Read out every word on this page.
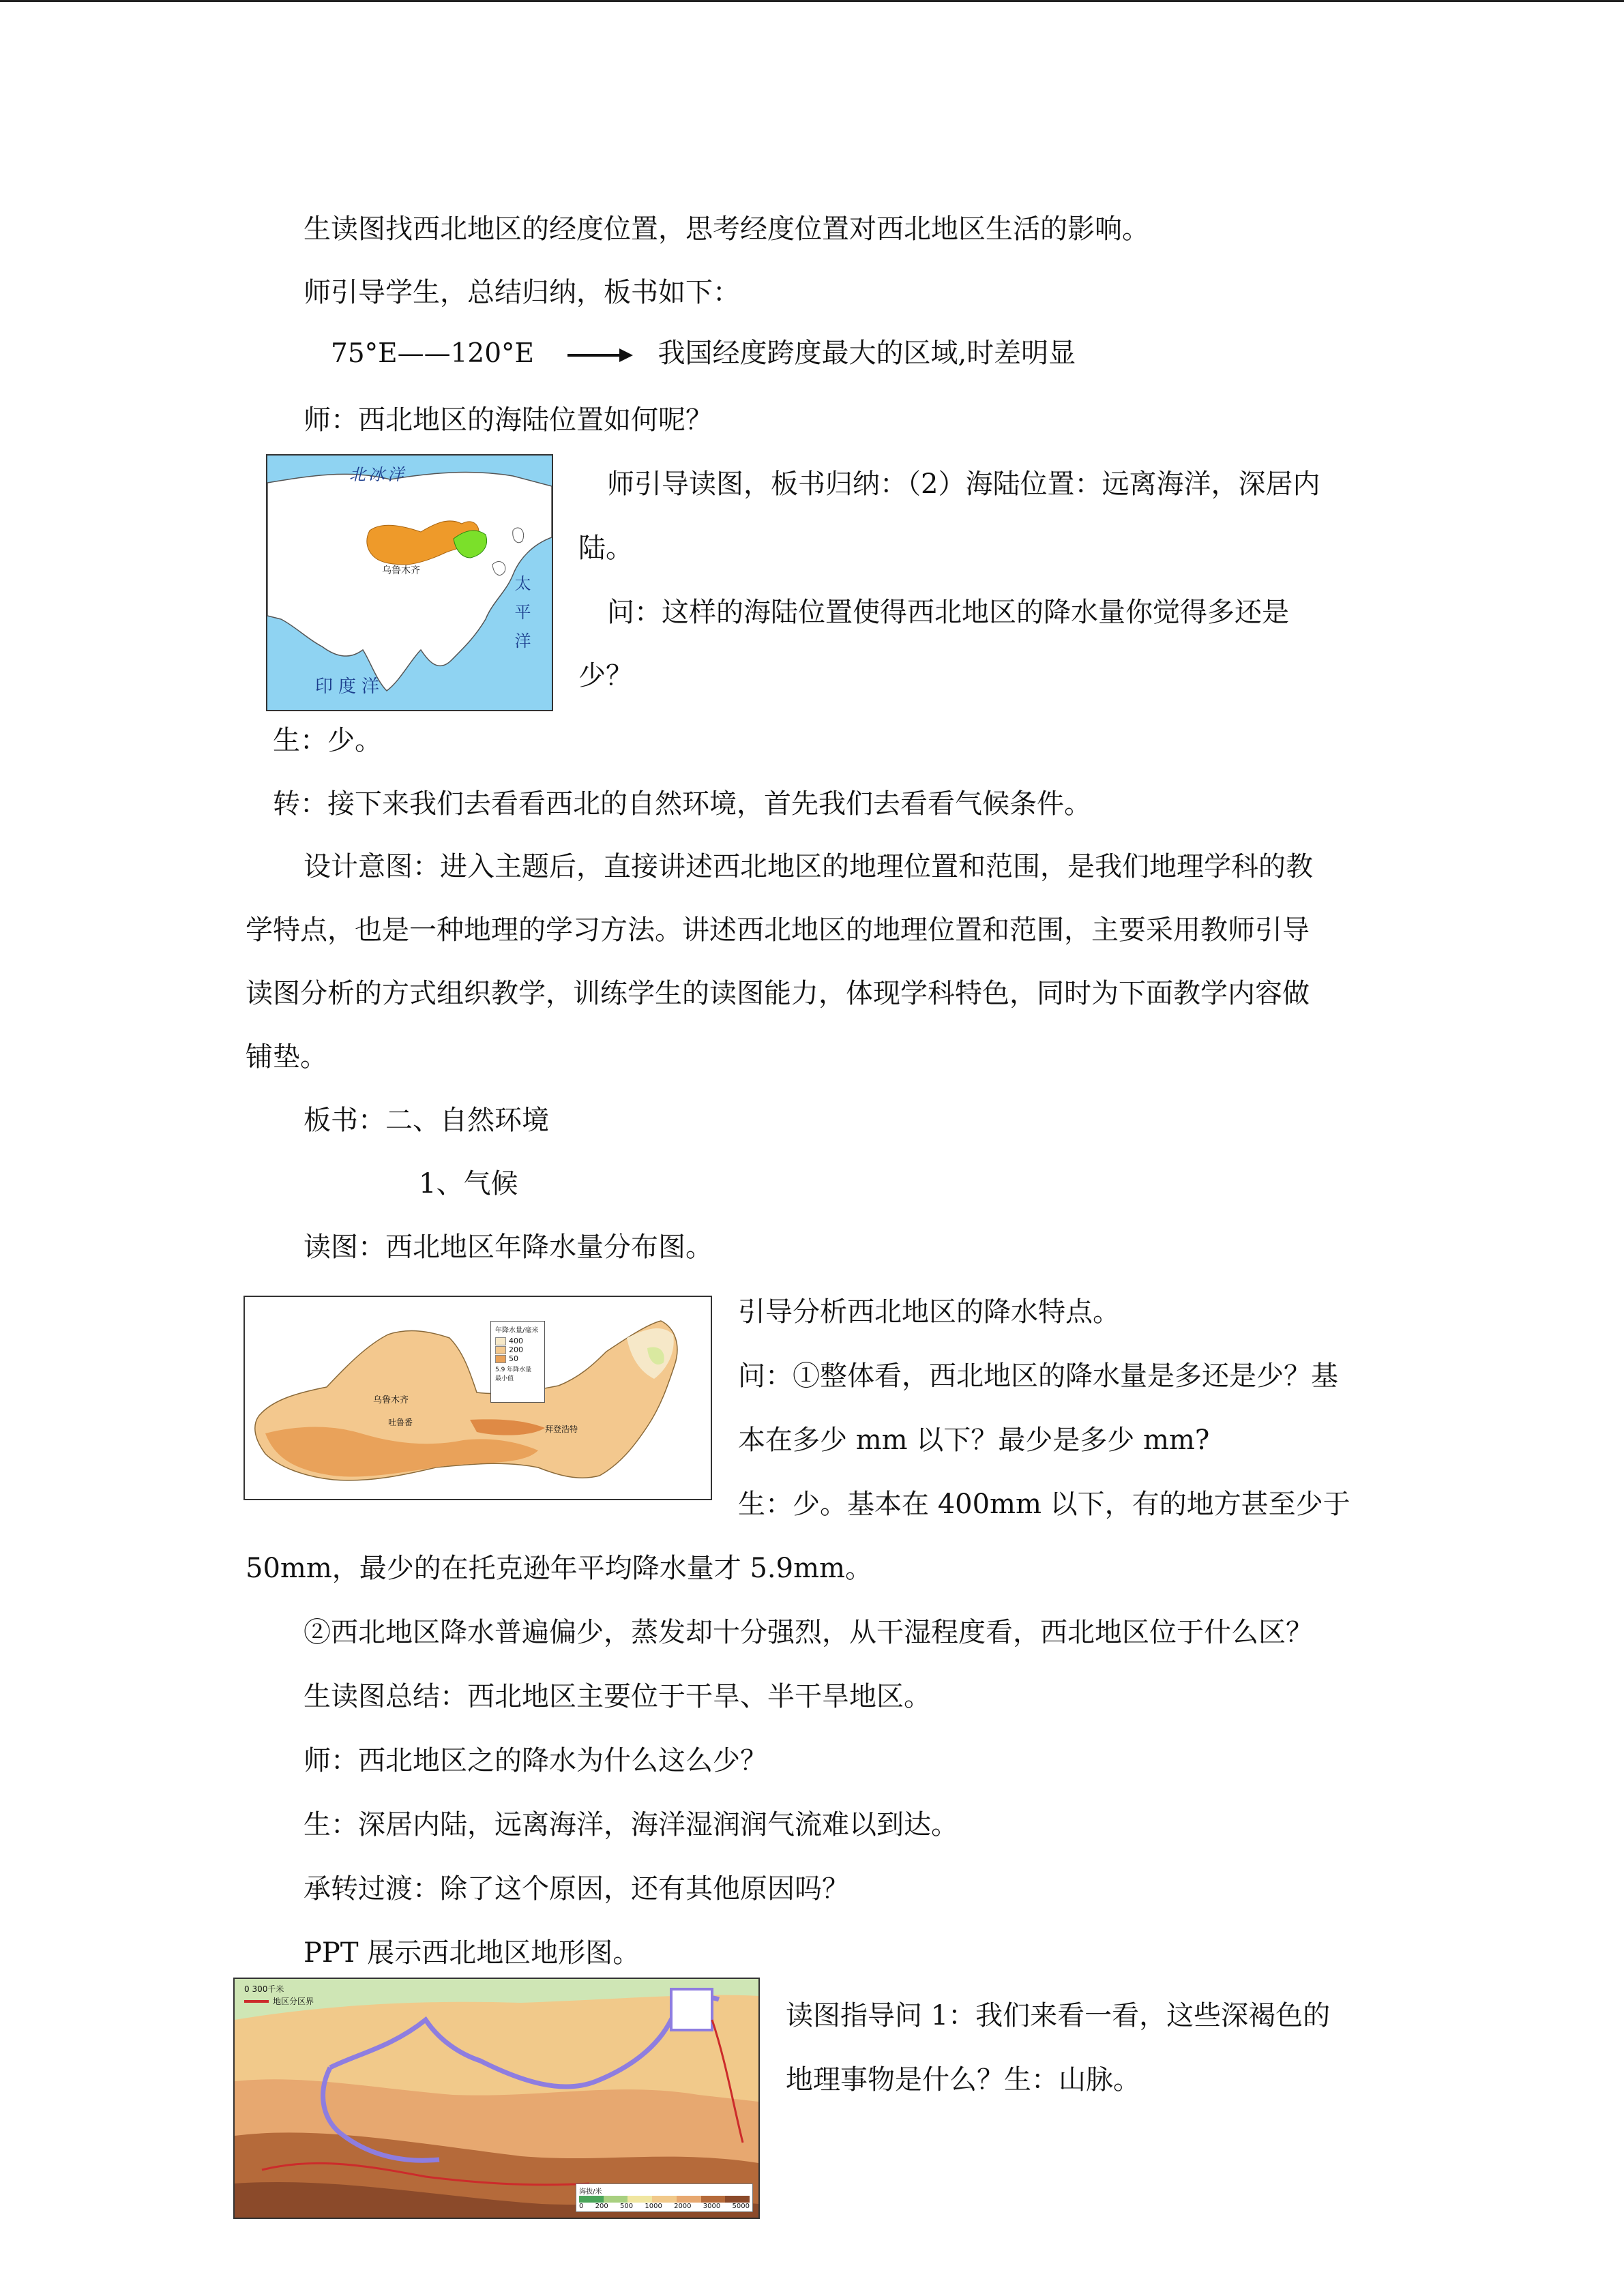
生读图找西北地区的经度位置，思考经度位置对西北地区生活的影响。
师引导学生，总结归纳，板书如下：
75°E——120°E	我国经度跨度最大的区域,时差明显
师：西北地区的海陆位置如何呢？
北冰洋
太平洋
印度洋
乌鲁木齐
师引导读图，板书归纳：（2）海陆位置：远离海洋，深居内
陆。
问：这样的海陆位置使得西北地区的降水量你觉得多还是
少？
生：少。
转：接下来我们去看看西北的自然环境，首先我们去看看气候条件。
设计意图：进入主题后，直接讲述西北地区的地理位置和范围，是我们地理学科的教
学特点，也是一种地理的学习方法。讲述西北地区的地理位置和范围，主要采用教师引导
读图分析的方式组织教学，训练学生的读图能力，体现学科特色，同时为下面教学内容做
铺垫。
板书：二、自然环境
1、气候
读图：西北地区年降水量分布图。
年降水量/毫米
400
200
50
5.9 年降水量
最小值
乌鲁木齐
吐鲁番
拜登浩特
引导分析西北地区的降水特点。
问：①整体看，西北地区的降水量是多还是少？基
本在多少 mm 以下？最少是多少 mm?
生：少。基本在 400mm 以下，有的地方甚至少于
50mm，最少的在托克逊年平均降水量才 5.9mm。
②西北地区降水普遍偏少，蒸发却十分强烈，从干湿程度看，西北地区位于什么区？
生读图总结：西北地区主要位于干旱、半干旱地区。
师：西北地区之的降水为什么这么少？
生：深居内陆，远离海洋，海洋湿润润气流难以到达。
承转过渡：除了这个原因，还有其他原因吗？
PPT 展示西北地区地形图。
0 300千米
地区分区界
海拔/米
0 200 500 1000 2000 3000 5000
读图指导问 1：我们来看一看，这些深褐色的
地理事物是什么？生：山脉。
